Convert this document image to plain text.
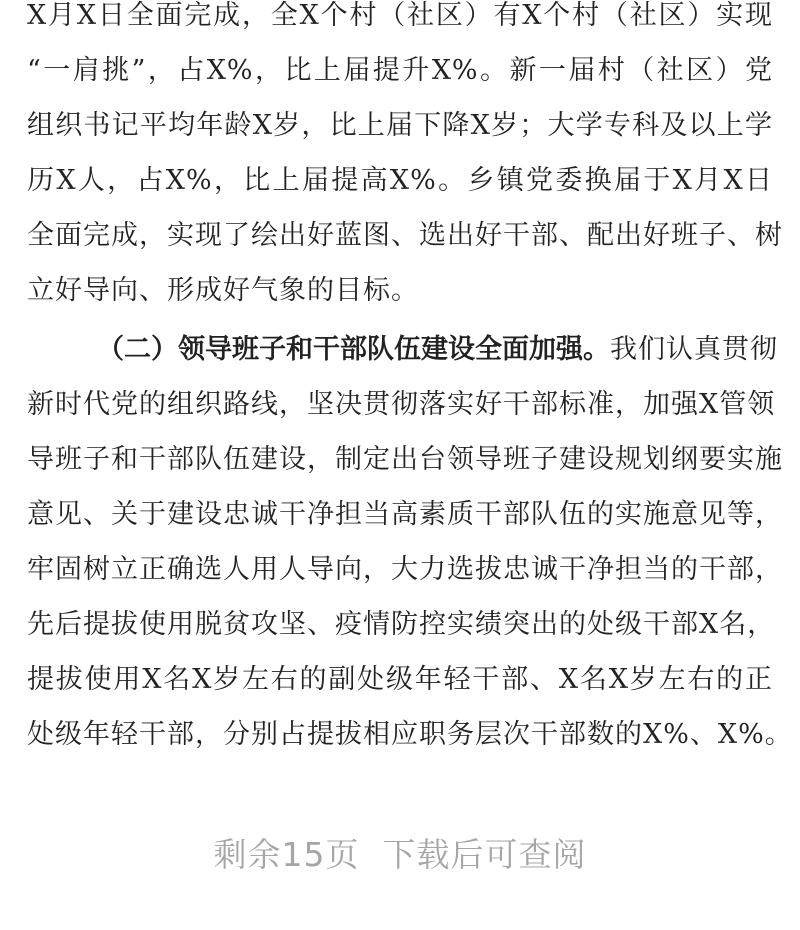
X月X日全面完成，全X个村（社区）有X个村（社区）实现
“一肩挑”，占X%，比上届提升X%。新一届村（社区）党
组织书记平均年龄X岁，比上届下降X岁；大学专科及以上学
历X人，占X%，比上届提高X%。乡镇党委换届于X月X日
全面完成，实现了绘出好蓝图、选出好干部、配出好班子、树
立好导向、形成好气象的目标。
（二）领导班子和干部队伍建设全面加强。我们认真贯彻
新时代党的组织路线，坚决贯彻落实好干部标准，加强X管领
导班子和干部队伍建设，制定出台领导班子建设规划纲要实施
意见、关于建设忠诚干净担当高素质干部队伍的实施意见等，
牢固树立正确选人用人导向，大力选拔忠诚干净担当的干部，
先后提拔使用脱贫攻坚、疫情防控实绩突出的处级干部X名，
提拔使用X名X岁左右的副处级年轻干部、X名X岁左右的正
处级年轻干部，分别占提拔相应职务层次干部数的X%、X%。
剩余15页 下载后可查阅
